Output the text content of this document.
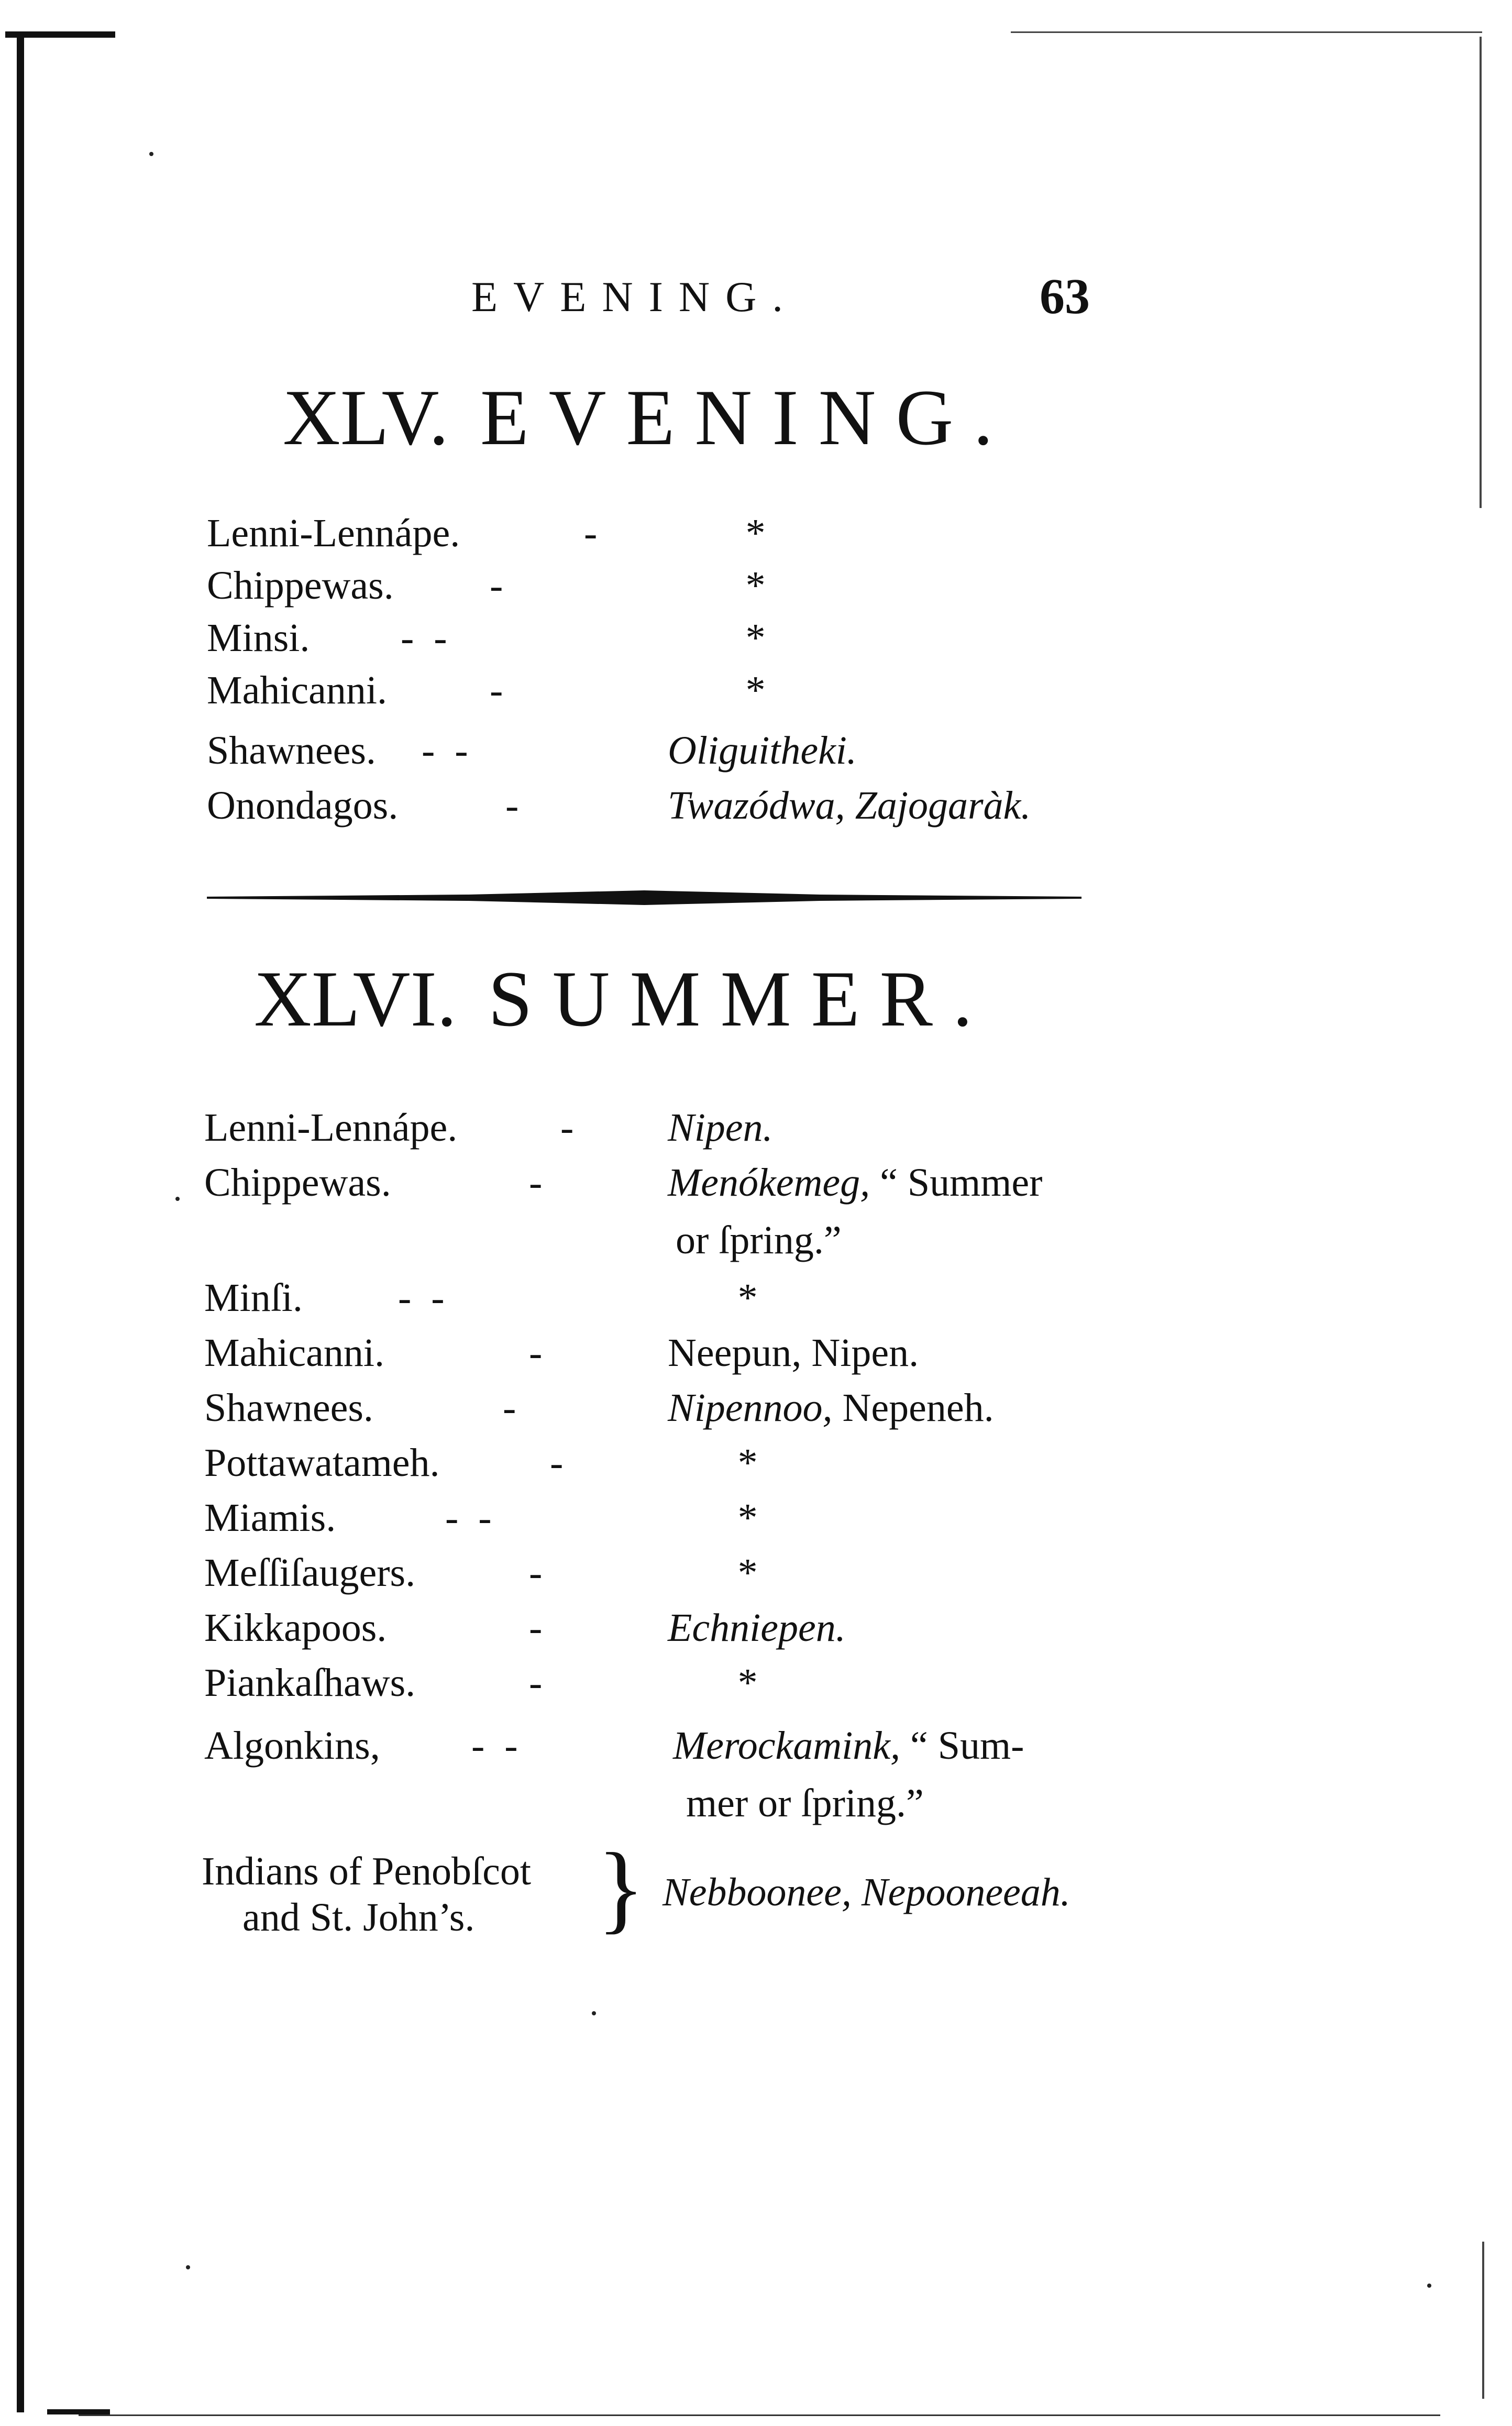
EVENING.	63
XLV. EVENING.
Lenni-Lennápe.	-	*
Chippewas. -	*
Minsi. -  -	*
Mahicanni.	-	*
Shawnees. -  -	Oliguitheki.
Onondagos.	-	Twazódwa, Zajogaràk.
XLVI. SUMMER.
Lenni-Lennápe.	- Nipen.
Chippewas.	-	Menókemeg, “ Summer
or ſpring.”
Minſi. -  -	*
Mahicanni.	-	Neepun, Nipen.
Shawnees.	-	Nipennoo, Nepeneh.
Pottawatameh.	-	*
Miamis.	-  -	*
Meſſiſaugers.	-	*
Kikkapoos.	-	Echniepen.
Piankaſhaws.	-	*
Algonkins, -  -	Merockamink, “ Sum-
mer or ſpring.”
Indians of Penobſcot
and St. John’s.
Nebboonee, Nepooneeah.
}
